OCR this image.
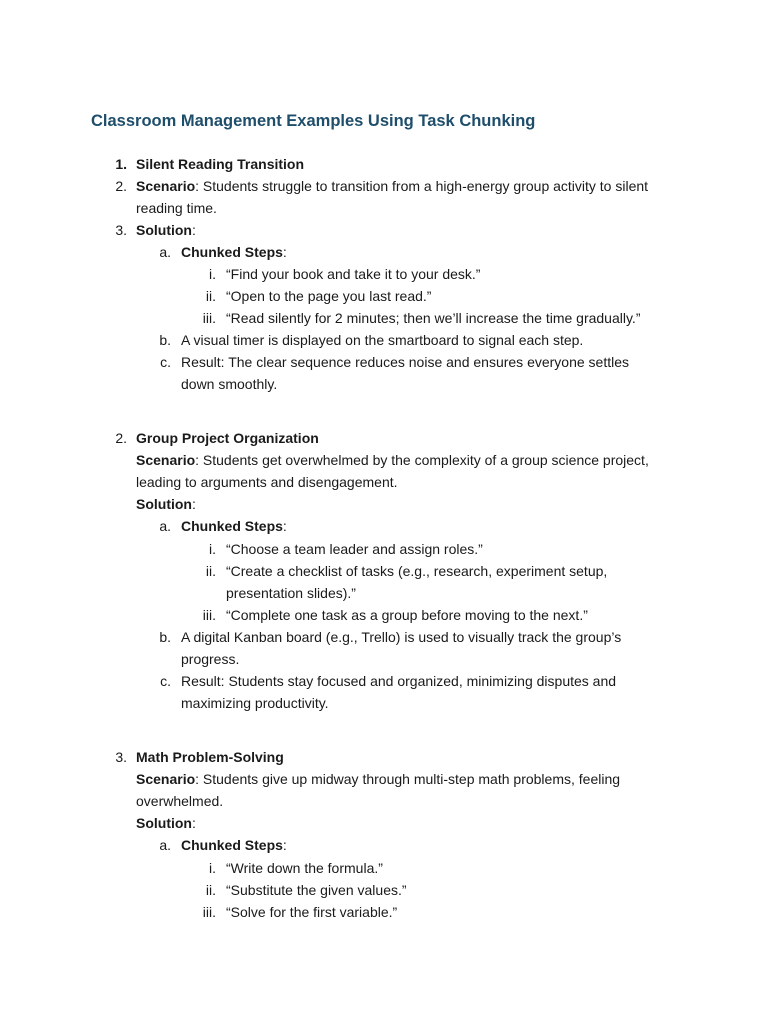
Classroom Management Examples Using Task Chunking
1. Silent Reading Transition
2. Scenario: Students struggle to transition from a high-energy group activity to silent
reading time.
3. Solution:
a. Chunked Steps:
i. “Find your book and take it to your desk.”
ii. “Open to the page you last read.”
iii. “Read silently for 2 minutes; then we’ll increase the time gradually.”
b. A visual timer is displayed on the smartboard to signal each step.
c. Result: The clear sequence reduces noise and ensures everyone settles
down smoothly.
2. Group Project Organization
Scenario: Students get overwhelmed by the complexity of a group science project,
leading to arguments and disengagement.
Solution:
a. Chunked Steps:
i. “Choose a team leader and assign roles.”
ii. “Create a checklist of tasks (e.g., research, experiment setup,
presentation slides).”
iii. “Complete one task as a group before moving to the next.”
b. A digital Kanban board (e.g., Trello) is used to visually track the group’s
progress.
c. Result: Students stay focused and organized, minimizing disputes and
maximizing productivity.
3. Math Problem-Solving
Scenario: Students give up midway through multi-step math problems, feeling
overwhelmed.
Solution:
a. Chunked Steps:
i. “Write down the formula.”
ii. “Substitute the given values.”
iii. “Solve for the first variable.”
